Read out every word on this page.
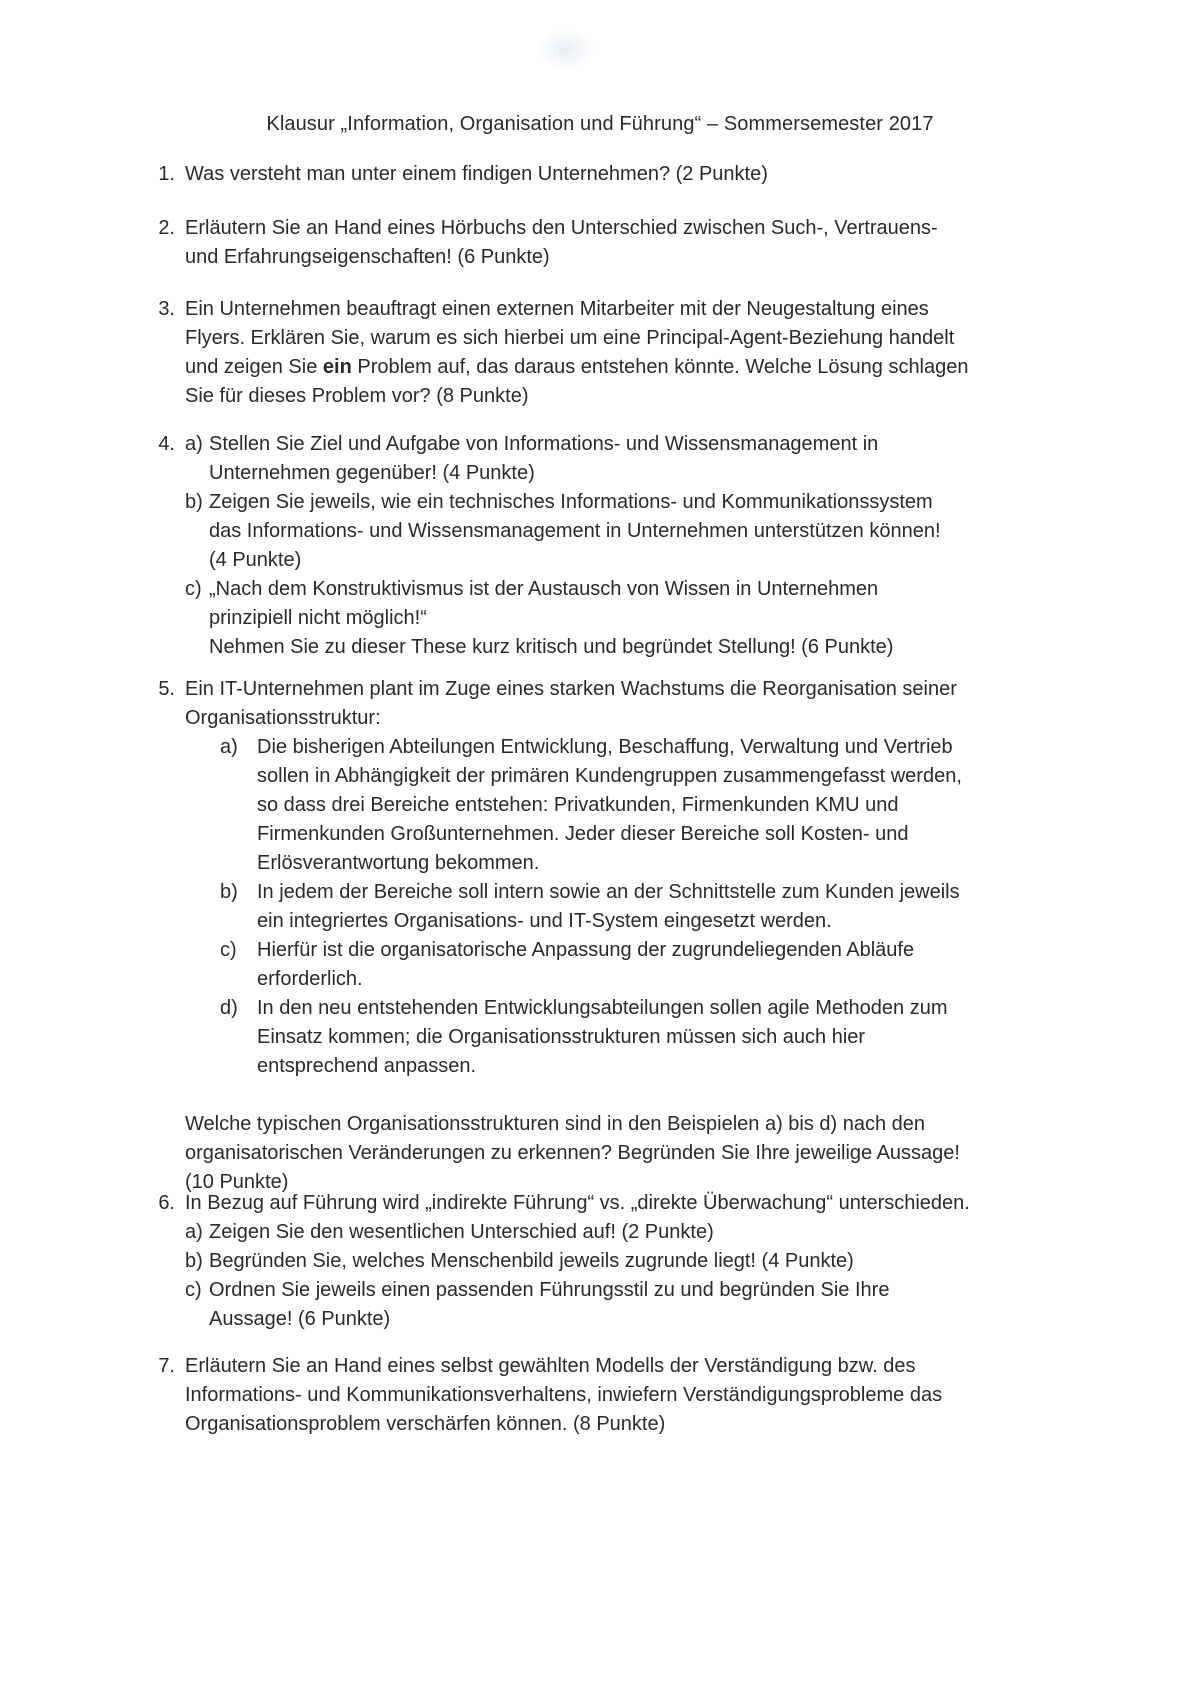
Klausur „Information, Organisation und Führung“ – Sommersemester 2017
1. Was versteht man unter einem findigen Unternehmen? (2 Punkte)

2. Erläutern Sie an Hand eines Hörbuchs den Unterschied zwischen Such-, Vertrauens-

und Erfahrungseigenschaften! (6 Punkte)

3. Ein Unternehmen beauftragt einen externen Mitarbeiter mit der Neugestaltung eines

Flyers. Erklären Sie, warum es sich hierbei um eine Principal-Agent-Beziehung handelt

und zeigen Sie ein Problem auf, das daraus entstehen könnte. Welche Lösung schlagen

Sie für dieses Problem vor? (8 Punkte)

4. a) Stellen Sie Ziel und Aufgabe von Informations- und Wissensmanagement in

Unternehmen gegenüber! (4 Punkte)

b) Zeigen Sie jeweils, wie ein technisches Informations- und Kommunikationssystem

das Informations- und Wissensmanagement in Unternehmen unterstützen können!

(4 Punkte)

c) „Nach dem Konstruktivismus ist der Austausch von Wissen in Unternehmen

prinzipiell nicht möglich!“

Nehmen Sie zu dieser These kurz kritisch und begründet Stellung! (6 Punkte)

5. Ein IT-Unternehmen plant im Zuge eines starken Wachstums die Reorganisation seiner

Organisationsstruktur:

a) Die bisherigen Abteilungen Entwicklung, Beschaffung, Verwaltung und Vertrieb

sollen in Abhängigkeit der primären Kundengruppen zusammengefasst werden,

so dass drei Bereiche entstehen: Privatkunden, Firmenkunden KMU und

Firmenkunden Großunternehmen. Jeder dieser Bereiche soll Kosten- und

Erlösverantwortung bekommen.

b) In jedem der Bereiche soll intern sowie an der Schnittstelle zum Kunden jeweils

ein integriertes Organisations- und IT-System eingesetzt werden.

c) Hierfür ist die organisatorische Anpassung der zugrundeliegenden Abläufe

erforderlich.

d) In den neu entstehenden Entwicklungsabteilungen sollen agile Methoden zum

Einsatz kommen; die Organisationsstrukturen müssen sich auch hier

entsprechend anpassen.

Welche typischen Organisationsstrukturen sind in den Beispielen a) bis d) nach den

organisatorischen Veränderungen zu erkennen? Begründen Sie Ihre jeweilige Aussage!

(10 Punkte)

6. In Bezug auf Führung wird „indirekte Führung“ vs. „direkte Überwachung“ unterschieden.

a) Zeigen Sie den wesentlichen Unterschied auf! (2 Punkte)

b) Begründen Sie, welches Menschenbild jeweils zugrunde liegt! (4 Punkte)

c) Ordnen Sie jeweils einen passenden Führungsstil zu und begründen Sie Ihre

Aussage! (6 Punkte)

7. Erläutern Sie an Hand eines selbst gewählten Modells der Verständigung bzw. des

Informations- und Kommunikationsverhaltens, inwiefern Verständigungsprobleme das

Organisationsproblem verschärfen können. (8 Punkte)
